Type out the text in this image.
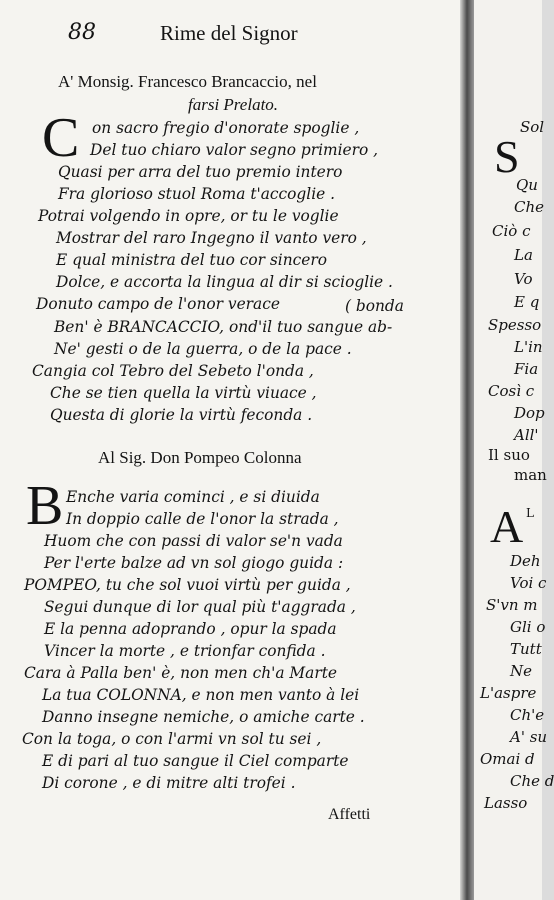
88	Rime del Signor
A' Monsig. Francesco Brancaccio, nel
farsi Prelato.
C on sacro fregio d'onorate spoglie ,
Del tuo chiaro valor segno primiero ,
Quasi per arra del tuo premio intero
Fra glorioso stuol Roma t'accoglie .
Potrai volgendo in opre, or tu le voglie
Mostrar del raro Ingegno il vanto vero ,
E qual ministra del tuo cor sincero
Dolce, e accorta la lingua al dir si scioglie .
Donuto campo de l'onor verace	( bonda
Ben' è BRANCACCIO, ond'il tuo sangue ab-
Ne' gesti o de la guerra, o de la pace .
Cangia col Tebro del Sebeto l'onda ,
Che se tien quella la virtù viuace ,
Questa di glorie la virtù feconda .
Al Sig. Don Pompeo Colonna
B Enche varia cominci , e si diuida
In doppio calle de l'onor la strada ,
Huom che con passi di valor se'n vada
Per l'erte balze ad vn sol giogo guida :
POMPEO, tu che sol vuoi virtù per guida ,
Segui dunque di lor qual più t'aggrada ,
E la penna adoprando , opur la spada
Vincer la morte , e trionfar confida .
Cara à Palla ben' è, non men ch'a Marte
La tua COLONNA, e non men vanto à lei
Danno insegne nemiche, o amiche carte .
Con la toga, o con l'armi vn sol tu sei ,
E di pari al tuo sangue il Ciel comparte
Di corone , e di mitre alti trofei .
Affetti
Sol
S
Qu
Che
Ciò c
La
Vo
E q
Spesso
L'in
Fia
Così c
Dop
All'
Il suo
man
A L
Deh
Voi c
S'vn m
Gli o
Tutt
Ne
L'aspre
Ch'e
A' su
Omai d
Che d
Lasso
